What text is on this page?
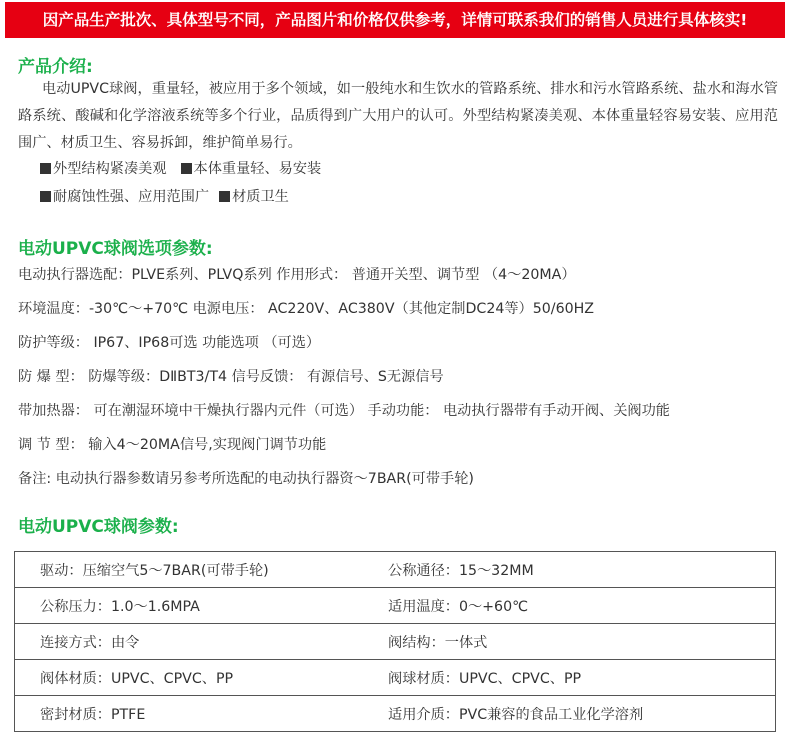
因产品生产批次、具体型号不同，产品图片和价格仅供参考，详情可联系我们的销售人员进行具体核实!
产品介绍:
电动UPVC球阀，重量轻，被应用于多个领域，如一般纯水和生饮水的管路系统、排水和污水管路系统、盐水和海水管路系统、酸碱和化学溶液系统等多个行业，品质得到广大用户的认可。外型结构紧凑美观、本体重量轻容易安装、应用范围广、材质卫生、容易拆卸，维护简单易行。
外型结构紧凑美观 本体重量轻、易安装
耐腐蚀性强、应用范围广 材质卫生
电动UPVC球阀选项参数:
电动执行器选配：PLVE系列、PLVQ系列 作用形式： 普通开关型、调节型 （4～20MA）
环境温度：-30℃～+70℃ 电源电压： AC220V、AC380V（其他定制DC24等）50/60HZ
防护等级： IP67、IP68可选 功能选项 （可选）
防 爆 型： 防爆等级：DⅡBT3/T4 信号反馈： 有源信号、S无源信号
带加热器： 可在潮湿环境中干燥执行器内元件（可选） 手动功能： 电动执行器带有手动开阀、关阀功能
调 节 型： 输入4～20MA信号,实现阀门调节功能
备注: 电动执行器参数请另参考所选配的电动执行器资～7BAR(可带手轮)
电动UPVC球阀参数:
驱动：压缩空气5～7BAR(可带手轮)	公称通径：15～32MM
公称压力：1.0～1.6MPA	适用温度：0～+60℃
连接方式：由令	阀结构：一体式
阀体材质：UPVC、CPVC、PP	阀球材质：UPVC、CPVC、PP
密封材质：PTFE	适用介质：PVC兼容的食品工业化学溶剂
